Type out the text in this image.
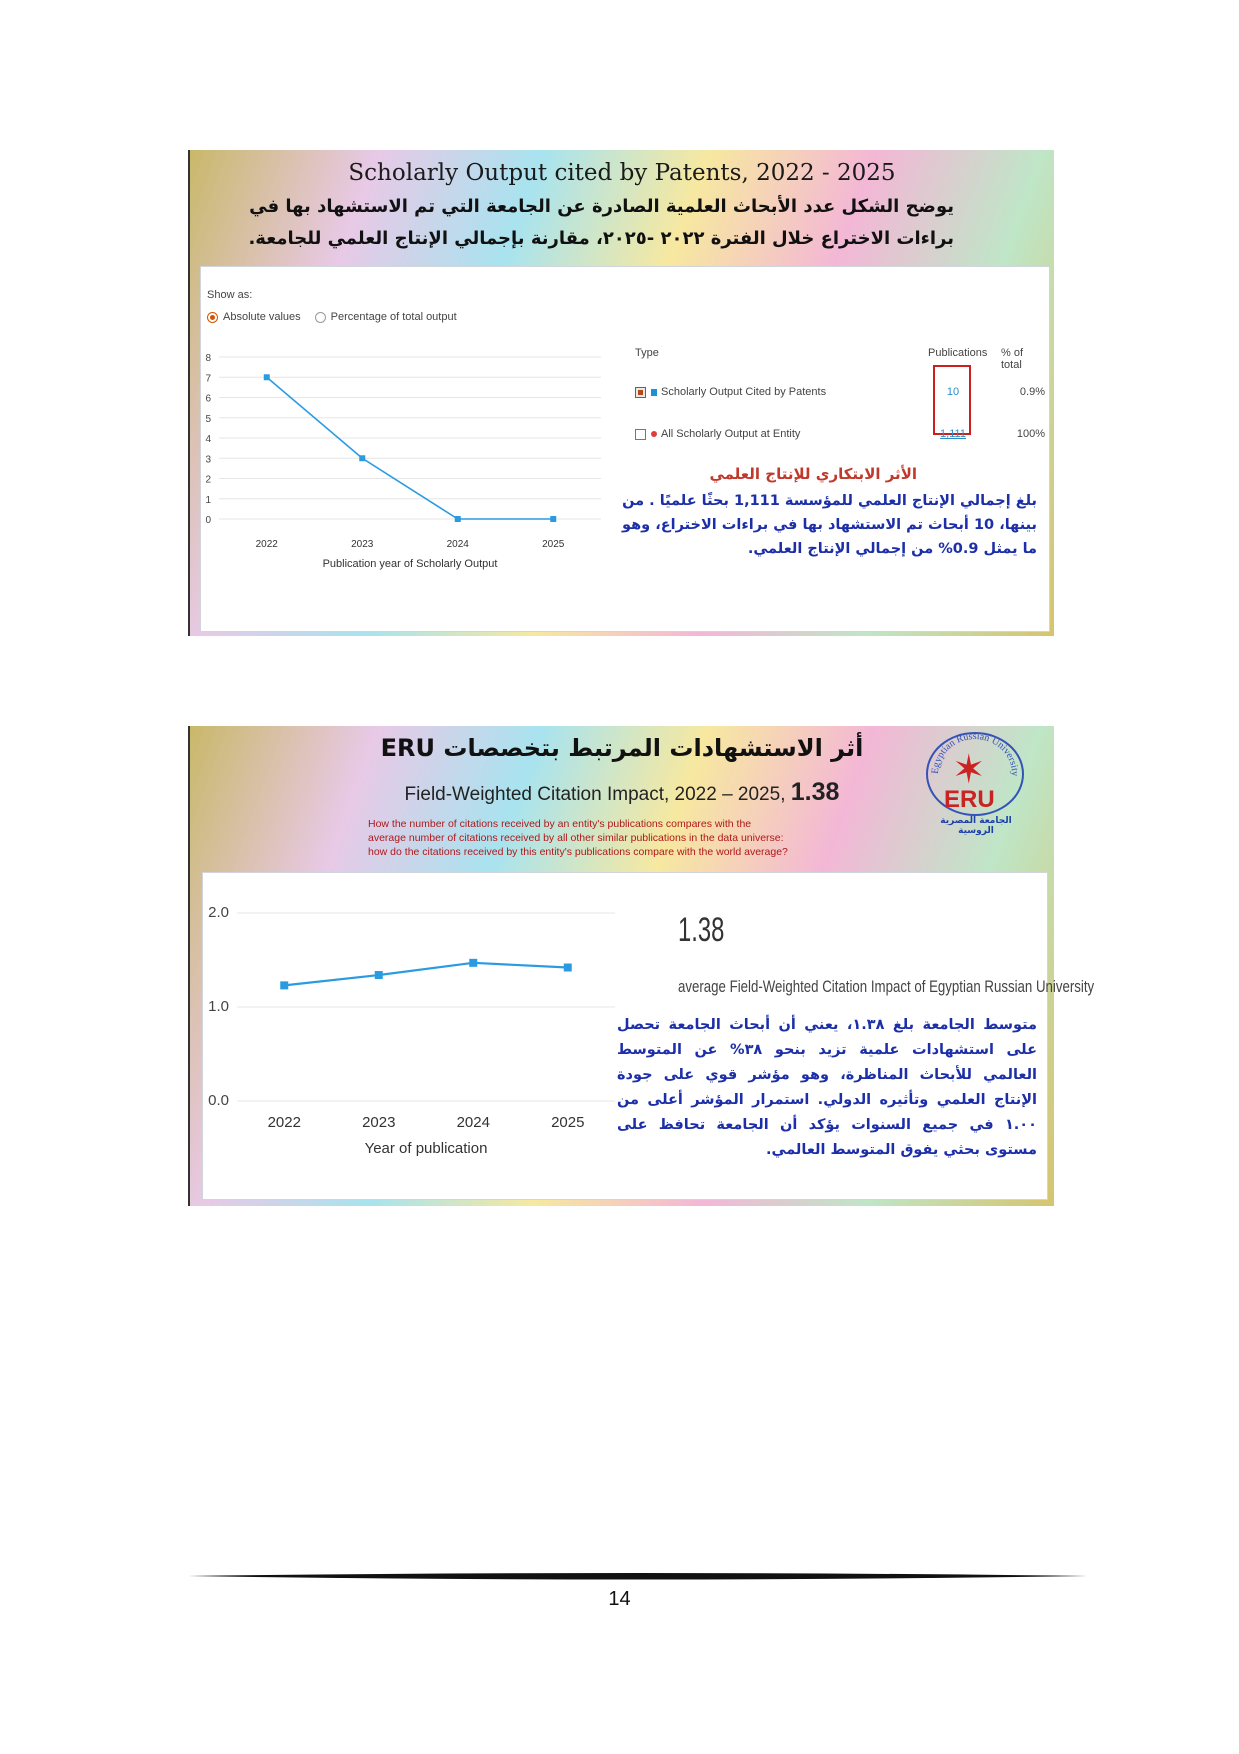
Scholarly Output cited by Patents, 2022 - 2025
يوضح الشكل عدد الأبحاث العلمية الصادرة عن الجامعة التي تم الاستشهاد بها في
براءات الاختراع خلال الفترة ٢٠٢٢ -٢٠٢٥، مقارنة بإجمالي الإنتاج العلمي للجامعة.
Show as:
Absolute values	Percentage of total output
0
1
2
3
4
5
6
7
8
2022	2023	2024	2025
Publication year of Scholarly Output
Type	Publications % of total
Scholarly Output Cited by Patents	10	0.9%
All Scholarly Output at Entity	1,111	100%
الأثر الابتكاري للإنتاج العلمي
بلغ إجمالي الإنتاج العلمي للمؤسسة 1,111 بحثًا علميًا . من بينها، 10 أبحاث تم الاستشهاد بها في براءات الاختراع، وهو ما يمثل 0.9% من إجمالي الإنتاج العلمي.
أثر الاستشهادات المرتبط بتخصصات ERU
Field-Weighted Citation Impact, 2022 – 2025, 1.38
How the number of citations received by an entity's publications compares with the
average number of citations received by all other similar publications in the data universe:
how do the citations received by this entity's publications compare with the world average?
Egyptian Russian University
✶
ERU
الجامعة المصرية الروسية
0.0
1.0
2.0
2022	2023	2024	2025
Year of publication
1.38
average Field-Weighted Citation Impact of Egyptian Russian University
متوسط الجامعة بلغ ١.٣٨، يعني أن أبحاث الجامعة تحصل على استشهادات علمية تزيد بنحو ٣٨% عن المتوسط العالمي للأبحاث المناظرة، وهو مؤشر قوي على جودة الإنتاج العلمي وتأثيره الدولي. استمرار المؤشر أعلى من ١.٠٠ في جميع السنوات يؤكد أن الجامعة تحافظ على مستوى بحثي يفوق المتوسط العالمي.
14
